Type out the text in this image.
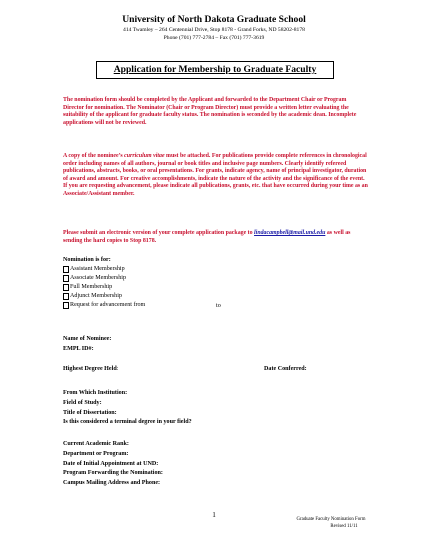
University of North Dakota Graduate School
414 Twamley – 264 Centennial Drive, Stop 8178 - Grand Forks, ND 58202-8178
Phone (701) 777-2784 – Fax (701) 777-3619
Application for Membership to Graduate Faculty
The nomination form should be completed by the Applicant and forwarded to the Department Chair or Program Director for nomination. The Nominator (Chair or Program Director) must provide a written letter evaluating the suitability of the applicant for graduate faculty status. The nomination is seconded by the academic dean. Incomplete applications will not be reviewed.
A copy of the nominee’s curriculum vitae must be attached. For publications provide complete references in chronological order including names of all authors, journal or book titles and inclusive page numbers. Clearly identify refereed publications, abstracts, books, or oral presentations. For grants, indicate agency, name of principal investigator, duration of award and amount. For creative accomplishments, indicate the nature of the activity and the significance of the event. If you are requesting advancement, please indicate all publications, grants, etc. that have occurred during your time as an Associate/Assistant member.
Please submit an electronic version of your complete application package to lindacampbell@mail.und.edu as well as sending the hard copies to Stop 8178.
Nomination is for:
Assistant Membership
Associate Membership
Full Membership
Adjunct Membership
Request for advancement from	to
Name of Nominee:
EMPL ID#:
Highest Degree Held:	Date Conferred:
From Which Institution:
Field of Study:
Title of Dissertation:
Is this considered a terminal degree in your field?
Current Academic Rank:
Department or Program:
Date of Initial Appointment at UND:
Program Forwarding the Nomination:
Campus Mailing Address and Phone:
1
Graduate Faculty Nomination Form
Revised 11/11
